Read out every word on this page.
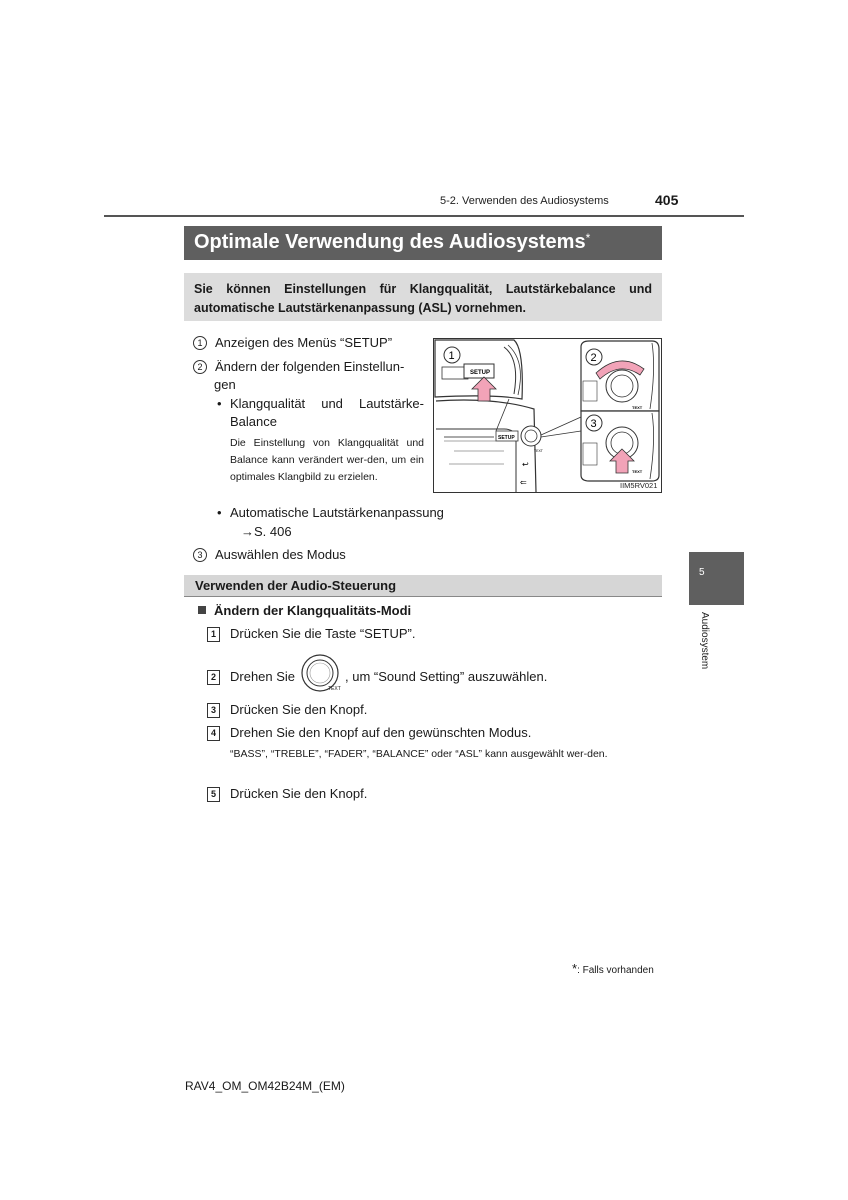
5-2. Verwenden des Audiosystems	405
Optimale Verwendung des Audiosystems*
Sie können Einstellungen für Klangqualität, Lautstärkebalance und automatische Lautstärkenanpassung (ASL) vornehmen.
1 Anzeigen des Menüs “SETUP”
2 Ändern der folgenden Einstellun-
gen
• Klangqualität und Lautstärke-
Balance
Die Einstellung von Klangqualität und Balance kann verändert wer-den, um ein optimales Klangbild zu erzielen.
• Automatische Lautstärkenanpassung
→S. 406
3 Auswählen des Modus
SETUP
TEXT
↩
⇐
SETUP
1
TEXT
2
TEXT
3
IIM5RV021
Verwenden der Audio-Steuerung
Ändern der Klangqualitäts-Modi
1 Drücken Sie die Taste “SETUP”.
2 Drehen Sie
TEXT
, um “Sound Setting” auszuwählen.
3 Drücken Sie den Knopf.
4 Drehen Sie den Knopf auf den gewünschten Modus.
“BASS”, “TREBLE”, “FADER”, “BALANCE” oder “ASL” kann ausgewählt wer-den.
5 Drücken Sie den Knopf.
5
Audiosystem
*: Falls vorhanden
RAV4_OM_OM42B24M_(EM)
